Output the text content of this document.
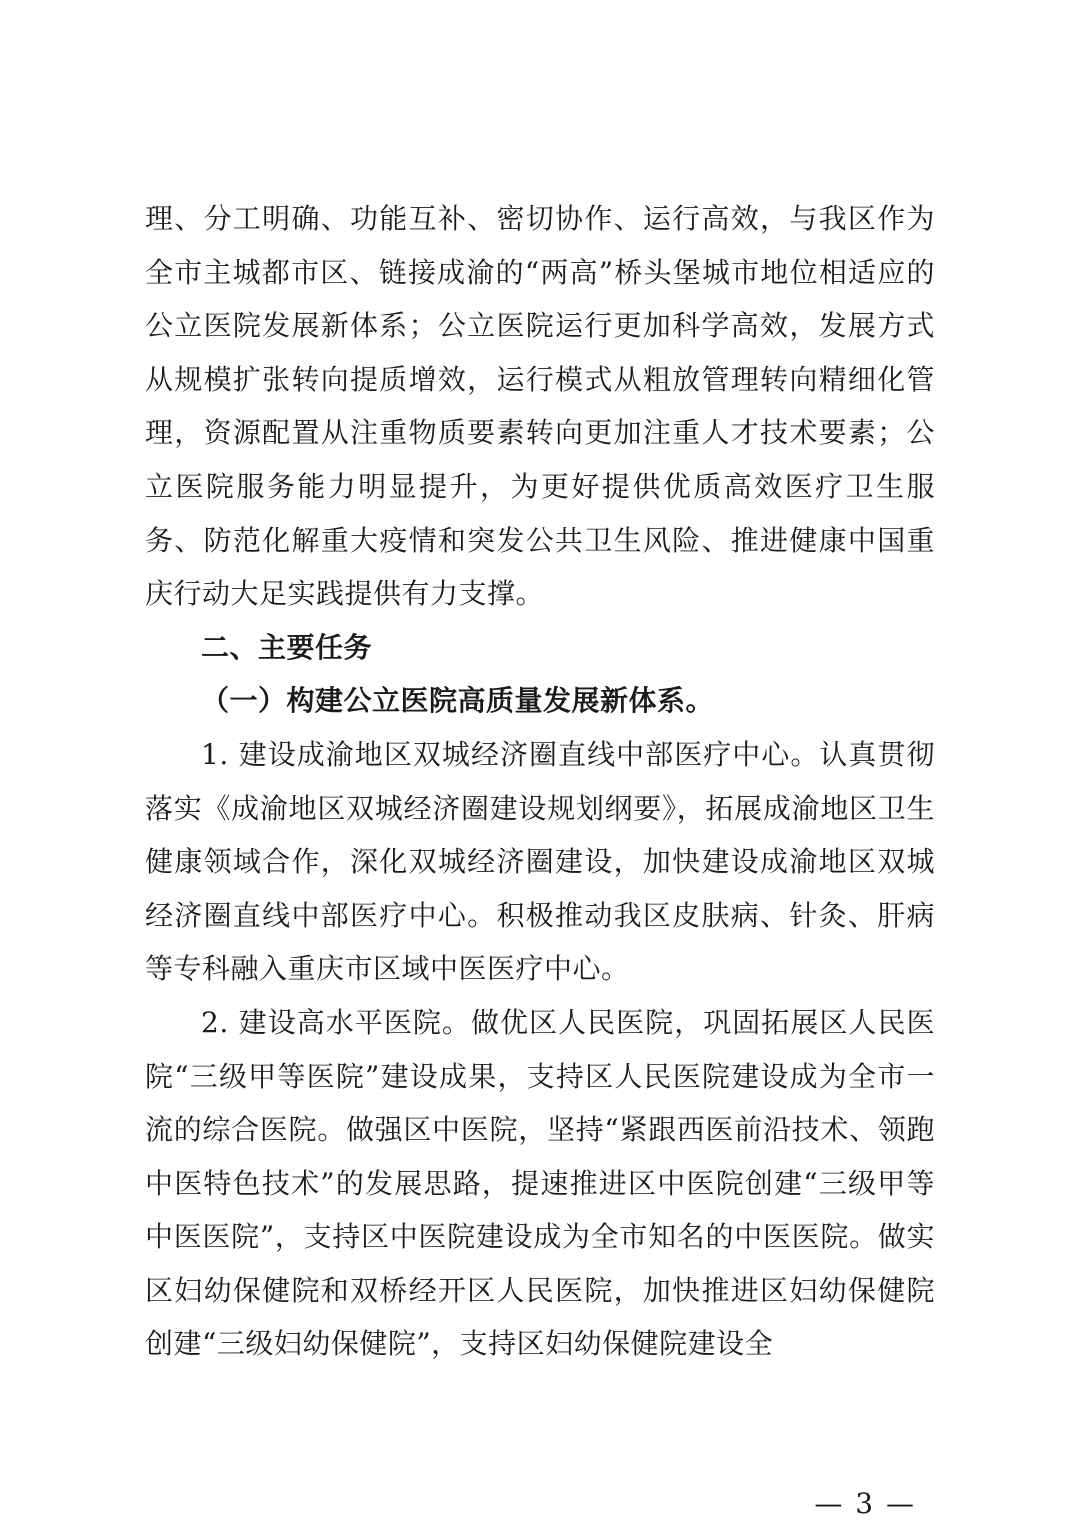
理、分工明确、功能互补、密切协作、运行高效，与我区作为全市主城都市区、链接成渝的“两高”桥头堡城市地位相适应的公立医院发展新体系；公立医院运行更加科学高效，发展方式从规模扩张转向提质增效，运行模式从粗放管理转向精细化管理，资源配置从注重物质要素转向更加注重人才技术要素；公立医院服务能力明显提升，为更好提供优质高效医疗卫生服务、防范化解重大疫情和突发公共卫生风险、推进健康中国重庆行动大足实践提供有力支撑。

二、主要任务

（一）构建公立医院高质量发展新体系。

1. 建设成渝地区双城经济圈直线中部医疗中心。认真贯彻落实《成渝地区双城经济圈建设规划纲要》，拓展成渝地区卫生健康领域合作，深化双城经济圈建设，加快建设成渝地区双城经济圈直线中部医疗中心。积极推动我区皮肤病、针灸、肝病等专科融入重庆市区域中医医疗中心。

2. 建设高水平医院。做优区人民医院，巩固拓展区人民医院“三级甲等医院”建设成果，支持区人民医院建设成为全市一流的综合医院。做强区中医院，坚持“紧跟西医前沿技术、领跑中医特色技术”的发展思路，提速推进区中医院创建“三级甲等中医医院”，支持区中医院建设成为全市知名的中医医院。做实区妇幼保健院和双桥经开区人民医院，加快推进区妇幼保健院创建“三级妇幼保健院”，支持区妇幼保健院建设全

— 3 —
